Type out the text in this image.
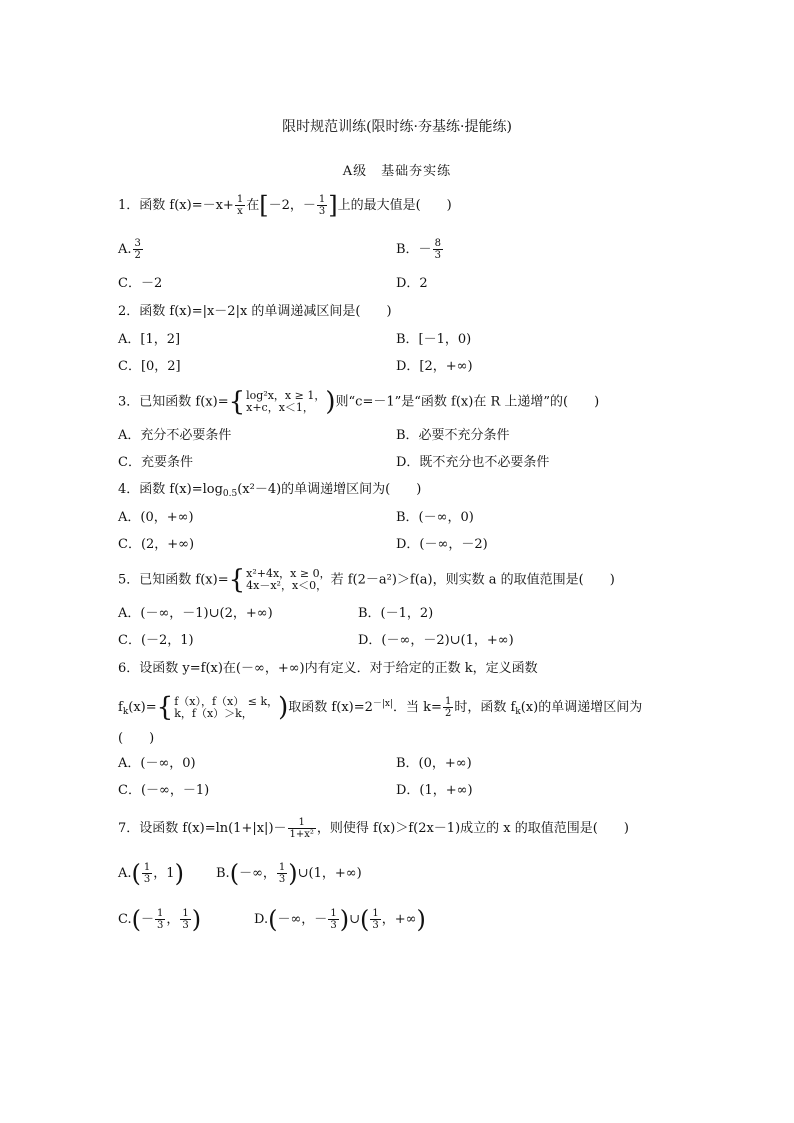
限时规范训练(限时练·夯基练·提能练)
A级　基础夯实练
1．函数 $f(x)=-x+ \frac{1}{x}$ 在[－2，－ $\frac{1}{3}$ ]上的最大值是(　　)
A. $\frac{3}{2}$	B．－ $\frac{8}{3}$
C．－2	D．2
2．函数 f(x)=|x－2|x 的单调递减区间是(　　)
A．[1，2]	B．[－1，0)
C．[0，2]	D．[2，+∞)
3．已知函数 f(x)={ log²x，x ≥ 1，
x+c，x＜1， )则“c=－1”是“函数 f(x)在 R 上递增”的(　　)
A．充分不必要条件	B．必要不充分条件
C．充要条件	D．既不充分也不必要条件
4．函数 $f(x)=\log_{0.5}(x^2-4)$的单调递增区间为(　　)
A．(0，+∞)	B．(－∞，0)
C．(2，+∞)	D．(－∞，－2)
5．已知函数 f(x)={ x²+4x，x ≥ 0，
4x－x²，x＜0， 若 f(2－a²)＞f(a)，则实数 a 的取值范围是(　　)
A．(－∞，－1)∪(2，+∞)	B．(－1，2)
C．(－2，1)	D．(－∞，－2)∪(1，+∞)
6．设函数 y=f(x)在(－∞，+∞)内有定义．对于给定的正数 k，定义函数
$f_k(x)=${ f（x），f（x） ≤ k，
k，f（x）＞k， )取函数 $f(x)=2^{-|x|}$．当 $k= \frac{1}{2}$ 时，函数 $f_k(x)$的单调递增区间为
(　　)
A．(－∞，0)	B．(0，+∞)
C．(－∞，－1)	D．(1，+∞)
7．设函数 $f(x)=\ln(1+|x|)- \frac{1}{\text{1+x²}}$ ，则使得 f(x)＞f(2x－1)成立的 x 的取值范围是(　　)
$A.( \frac{1}{3}$ ，1) B.(－∞， $\frac{1}{3}$ )∪(1，+∞)
$C.(- \frac{1}{3}$ ， $\frac{1}{3}$ )	D.(－∞，－ $\frac{1}{3}$ )∪( $\frac{1}{3}$ ，+∞)
